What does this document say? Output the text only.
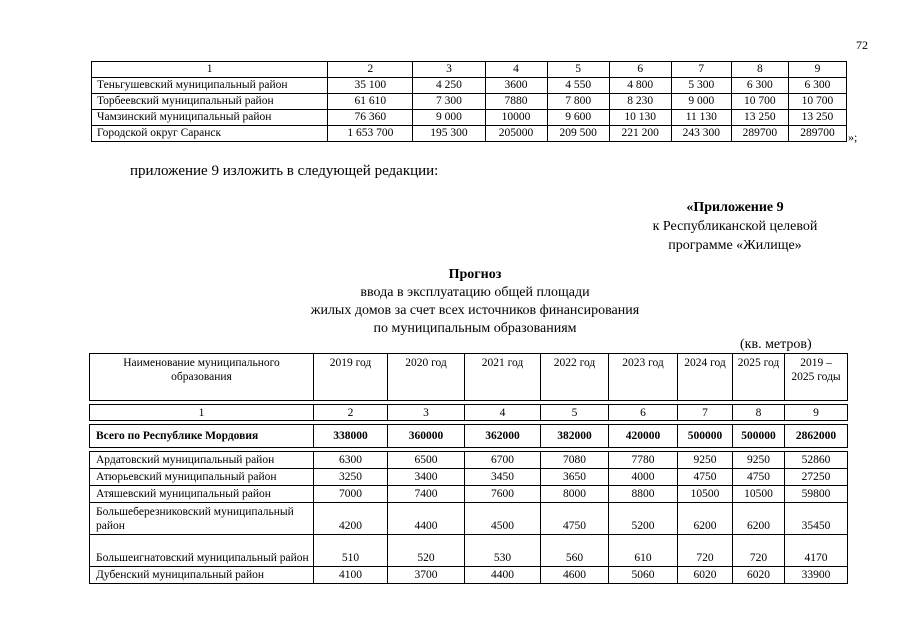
72
1	2	3	4	5	6	7	8	9
Теньгушевский муниципальный район	35 100	4 250	3600	4 550	4 800	5 300	6 300	6 300
Торбеевский муниципальный район	61 610	7 300	7880	7 800	8 230	9 000	10 700	10 700
Чамзинский муниципальный район	76 360	9 000	10000	9 600	10 130	11 130	13 250	13 250
Городской округ Саранск	1 653 700	195 300	205000	209 500	221 200	243 300	289700	289700 »;
приложение 9 изложить в следующей редакции:
«Приложение 9
к Республиканской целевой
программе «Жилище»
Прогноз
ввода в эксплуатацию общей площади
жилых домов за счет всех источников финансирования
по муниципальным образованиям
(кв. метров)
Наименование муниципального образования	2019 год	2020 год	2021 год	2022 год	2023 год	2024 год	2025 год	2019 – 2025 годы

1	2	3	4	5	6	7	8	9

Всего по Республике Мордовия	338000	360000	362000	382000	420000	500000	500000	2862000

Ардатовский муниципальный район	6300	6500	6700	7080	7780	9250	9250	52860
Атюрьевский муниципальный район	3250	3400	3450	3650	4000	4750	4750	27250
Атяшевский муниципальный район	7000	7400	7600	8000	8800	10500	10500	59800
Большеберезниковский муниципальный район	4200	4400	4500	4750	5200	6200	6200	35450
Большеигнатовский муниципальный район	510	520	530	560	610	720	720	4170
Дубенский муниципальный район	4100	3700	4400	4600	5060	6020	6020	33900
